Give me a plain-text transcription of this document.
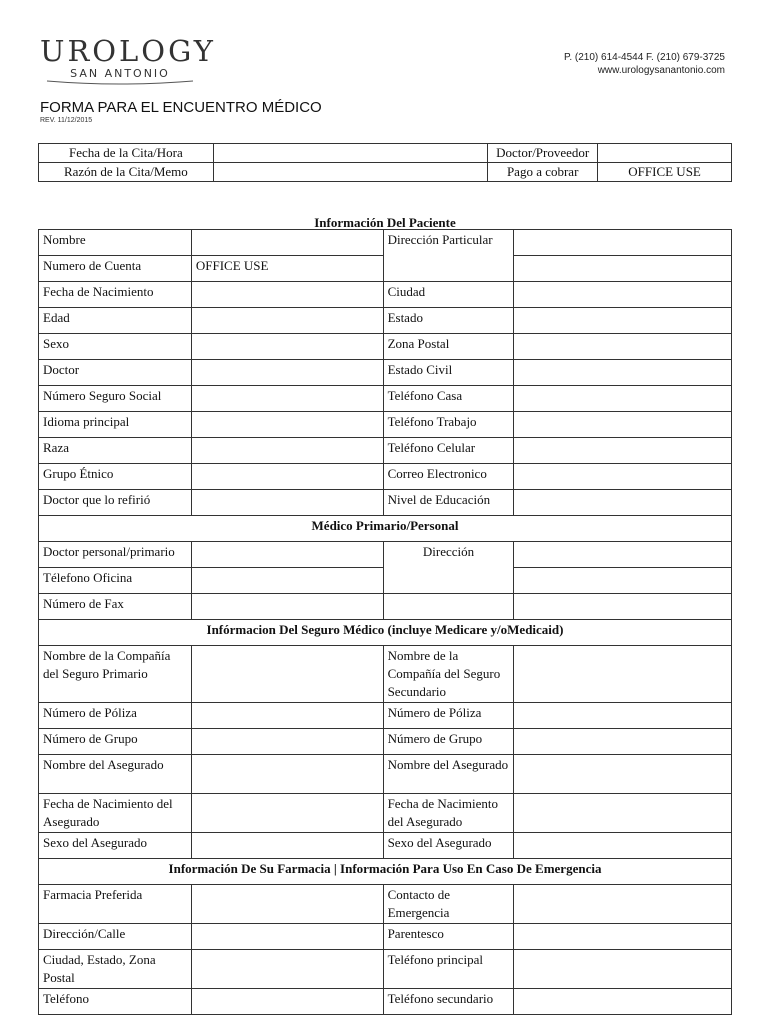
UROLOGY
SAN ANTONIO
P. (210) 614-4544 F. (210) 679-3725
www.urologysanantonio.com
FORMA PARA EL ENCUENTRO MÉDICO
REV. 11/12/2015
Fecha de la Cita/Hora		Doctor/Proveedor	
Razón de la Cita/Memo		Pago a cobrar	OFFICE USE
Información Del Paciente			
Nombre		Dirección Particular	
Numero de Cuenta	OFFICE USE		
Fecha de Nacimiento		Ciudad	
Edad		Estado	
Sexo		Zona Postal	
Doctor		Estado Civil	
Número Seguro Social		Teléfono Casa	
Idioma principal		Teléfono Trabajo	
Raza		Teléfono Celular	
Grupo Étnico		Correo Electronico	
Doctor que lo refirió		Nivel de Educación	
Médico Primario/Personal			
Doctor personal/primario		Dirección	
Télefono Oficina			
Número de Fax			
Infórmacion Del Seguro Médico (incluye Medicare y/oMedicaid)			
Nombre de la Compañía del Seguro Primario		Nombre de la Compañía del Seguro Secundario	
Número de Póliza		Número de Póliza	
Número de Grupo		Número de Grupo	
Nombre del Asegurado		Nombre del Asegurado	
Fecha de Nacimiento del Asegurado		Fecha de Nacimiento del Asegurado	
Sexo del Asegurado		Sexo del Asegurado	
Información De Su Farmacia | Información Para Uso En Caso De Emergencia			
Farmacia Preferida		Contacto de Emergencia	
Dirección/Calle		Parentesco	
Ciudad, Estado, Zona Postal		Teléfono principal	
Teléfono		Teléfono secundario	
